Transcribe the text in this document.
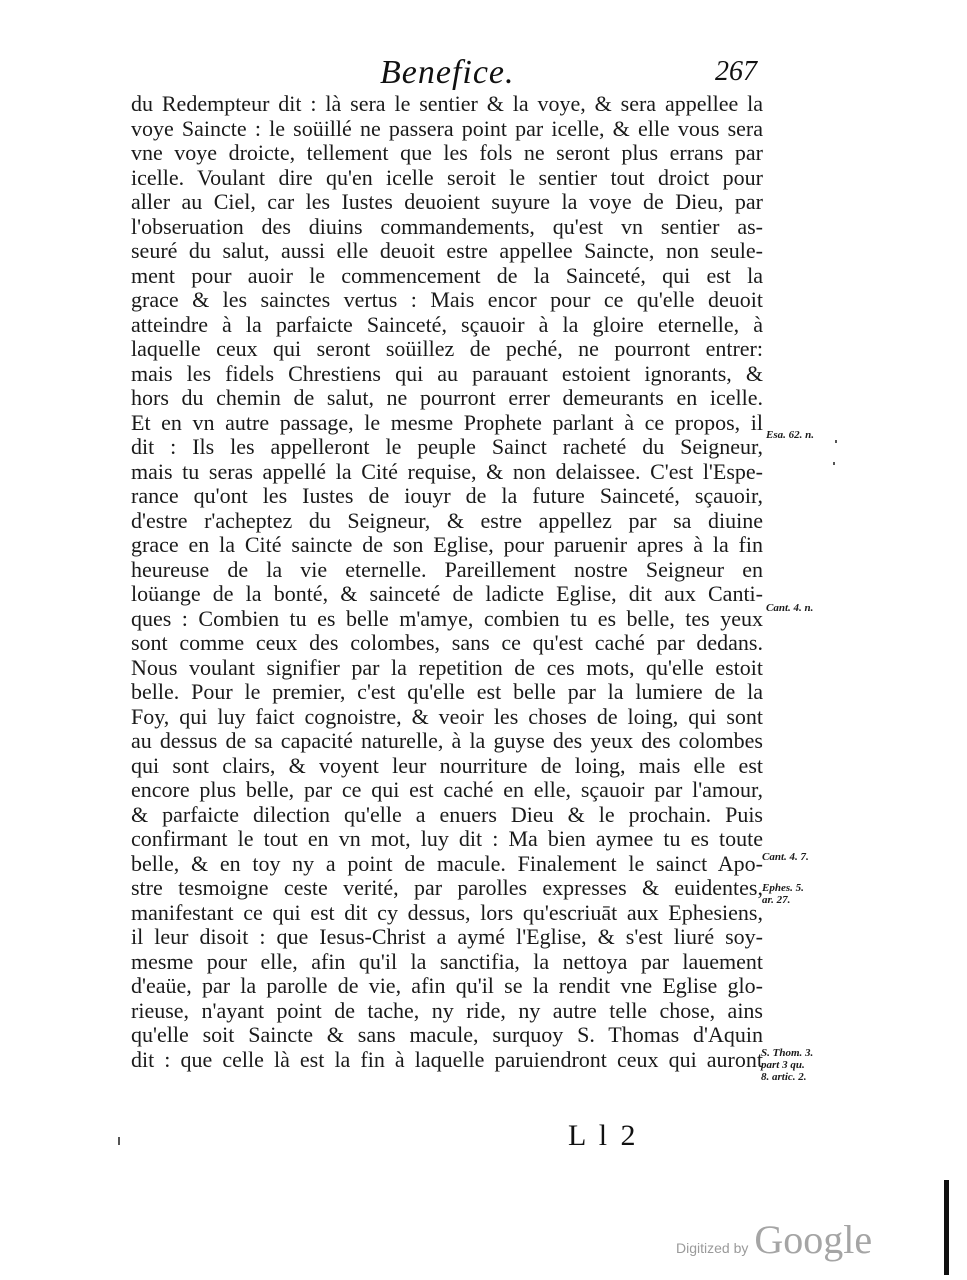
Benefice.	267
du Redempteur dit : là sera le sentier & la voye, & sera appellee la
voye Saincte : le soüillé ne passera point par icelle, & elle vous sera
vne voye droicte, tellement que les fols ne seront plus errans par
icelle. Voulant dire qu'en icelle seroit le sentier tout droict pour
aller au Ciel, car les Iustes deuoient suyure la voye de Dieu, par
l'obseruation des diuins commandements, qu'est vn sentier as-
seuré du salut, aussi elle deuoit estre appellee Saincte, non seule-
ment pour auoir le commencement de la Sainceté, qui est la
grace & les sainctes vertus : Mais encor pour ce qu'elle deuoit
atteindre à la parfaicte Sainceté, sçauoir à la gloire eternelle, à
laquelle ceux qui seront soüillez de peché, ne pourront entrer:
mais les fidels Chrestiens qui au parauant estoient ignorants, &
hors du chemin de salut, ne pourront errer demeurants en icelle.
Et en vn autre passage, le mesme Prophete parlant à ce propos, il
dit : Ils les appelleront le peuple Sainct racheté du Seigneur,
mais tu seras appellé la Cité requise, & non delaissee. C'est l'Espe-
rance qu'ont les Iustes de iouyr de la future Sainceté, sçauoir,
d'estre r'acheptez du Seigneur, & estre appellez par sa diuine
grace en la Cité saincte de son Eglise, pour paruenir apres à la fin
heureuse de la vie eternelle. Pareillement nostre Seigneur en
loüange de la bonté, & sainceté de ladicte Eglise, dit aux Canti-
ques : Combien tu es belle m'amye, combien tu es belle, tes yeux
sont comme ceux des colombes, sans ce qu'est caché par dedans.
Nous voulant signifier par la repetition de ces mots, qu'elle estoit
belle. Pour le premier, c'est qu'elle est belle par la lumiere de la
Foy, qui luy faict cognoistre, & veoir les choses de loing, qui sont
au dessus de sa capacité naturelle, à la guyse des yeux des colombes
qui sont clairs, & voyent leur nourriture de loing, mais elle est
encore plus belle, par ce qui est caché en elle, sçauoir par l'amour,
& parfaicte dilection qu'elle a enuers Dieu & le prochain. Puis
confirmant le tout en vn mot, luy dit : Ma bien aymee tu es toute
belle, & en toy ny a point de macule. Finalement le sainct Apo-
stre tesmoigne ceste verité, par parolles expresses & euidentes,
manifestant ce qui est dit cy dessus, lors qu'escriuāt aux Ephesiens,
il leur disoit : que Iesus-Christ a aymé l'Eglise, & s'est liuré soy-
mesme pour elle, afin qu'il la sanctifia, la nettoya par lauement
d'eaüe, par la parolle de vie, afin qu'il se la rendit vne Eglise glo-
rieuse, n'ayant point de tache, ny ride, ny autre telle chose, ains
qu'elle soit Saincte & sans macule, surquoy S. Thomas d'Aquin
dit : que celle là est la fin à laquelle paruiendront ceux qui auront
Esa. 62. n.
Cant. 4. n.
Cant. 4. 7.
Ephes. 5.
ar. 27.
S. Thom. 3.
part 3 qu.
8. artic. 2.
L l 2
Digitized by Google
